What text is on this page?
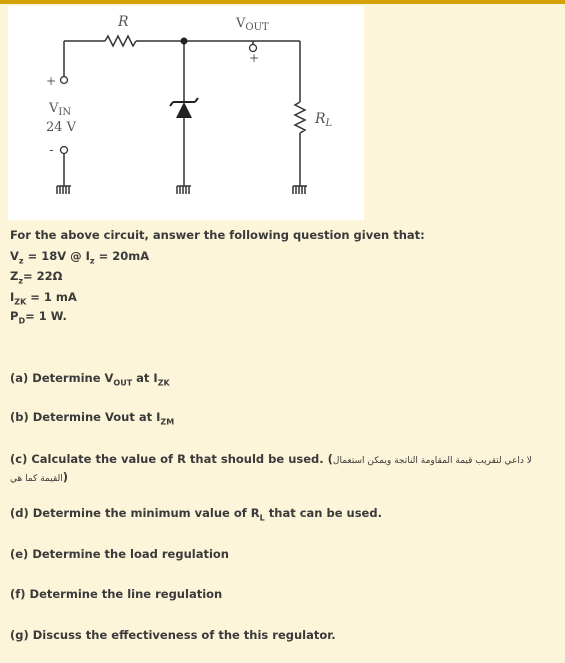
R	$V_{OUT}$
+
+
$V_{IN}$
24 V
-
$R_L$
For the above circuit, answer the following question given that:
$V_z = 18V$ @ $I_z = 20mA$
$Z_z= 22\Omega$
$I_{ZK} = 1$ mA
$P_D= 1$ W.
(a) Determine $V_{OUT}$ at $I_{ZK}$
(b) Determine Vout at $I_{ZM}$
(c) Calculate the value of R that should be used. (لا داعي لتقريب قيمة المقاومة الناتجة ويمكن استعمال القيمة كما هي)
(d) Determine the minimum value of $R_L$ that can be used.
(e) Determine the load regulation
(f) Determine the line regulation
(g) Discuss the effectiveness of the this regulator.
